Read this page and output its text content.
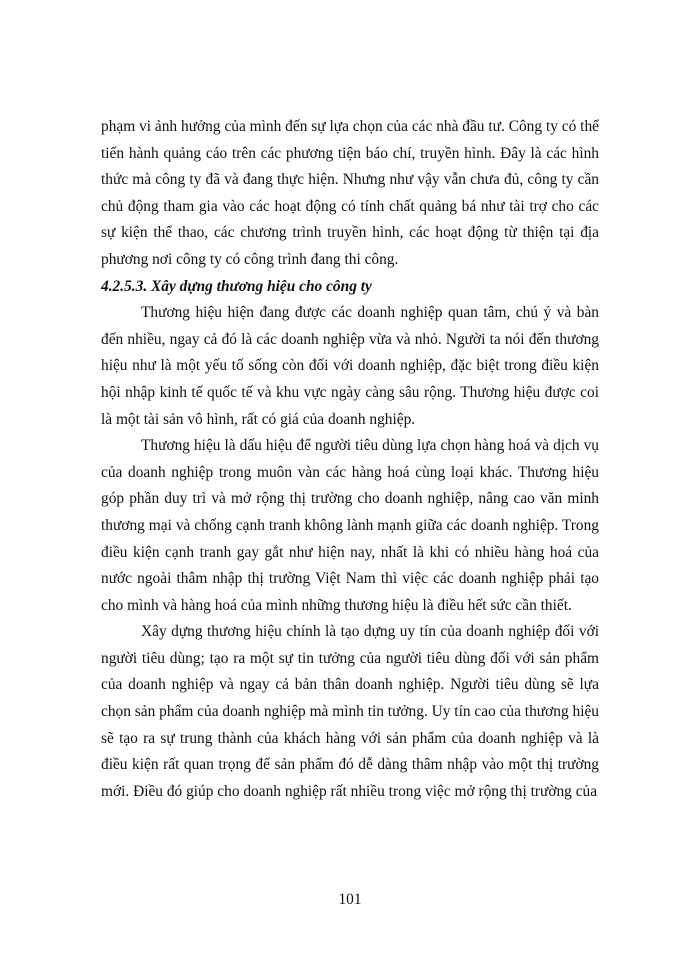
phạm vi ảnh hưởng của mình đến sự lựa chọn của các nhà đầu tư. Công ty có thể tiến hành quảng cáo trên các phương tiện báo chí, truyền hình. Đây là các hình thức mà công ty đã và đang thực hiện. Nhưng như vậy vẫn chưa đủ, công ty cần chủ động tham gia vào các hoạt động có tính chất quảng bá như tài trợ cho các sự kiện thể thao, các chương trình truyền hình, các hoạt động từ thiện tại địa phương nơi công ty có công trình đang thi công.

4.2.5.3. Xây dựng thương hiệu cho công ty

Thương hiệu hiện đang được các doanh nghiệp quan tâm, chú ý và bàn đến nhiều, ngay cả đó là các doanh nghiệp vừa và nhỏ. Người ta nói đến thương hiệu như là một yếu tố sống còn đối với doanh nghiệp, đặc biệt trong điều kiện hội nhập kinh tế quốc tế và khu vực ngày càng sâu rộng. Thương hiệu được coi là một tài sản vô hình, rất có giá của doanh nghiệp.

Thương hiệu là dấu hiệu để người tiêu dùng lựa chọn hàng hoá và dịch vụ của doanh nghiệp trong muôn vàn các hàng hoá cùng loại khác. Thương hiệu góp phần duy trì và mở rộng thị trường cho doanh nghiệp, nâng cao văn minh thương mại và chống cạnh tranh không lành mạnh giữa các doanh nghiệp. Trong điều kiện cạnh tranh gay gắt như hiện nay, nhất là khi có nhiều hàng hoá của nước ngoài thâm nhập thị trường Việt Nam thì việc các doanh nghiệp phải tạo cho mình và hàng hoá của mình những thương hiệu là điều hết sức cần thiết.

Xây dựng thương hiệu chính là tạo dựng uy tín của doanh nghiệp đối với người tiêu dùng; tạo ra một sự tin tưởng của người tiêu dùng đối với sản phẩm của doanh nghiệp và ngay cả bản thân doanh nghiệp. Người tiêu dùng sẽ lựa chọn sản phẩm của doanh nghiệp mà mình tin tưởng. Uy tín cao của thương hiệu sẽ tạo ra sự trung thành của khách hàng với sản phẩm của doanh nghiệp và là điều kiện rất quan trọng để sản phẩm đó dễ dàng thâm nhập vào một thị trường mới. Điều đó giúp cho doanh nghiệp rất nhiều trong việc mở rộng thị trường của

101
